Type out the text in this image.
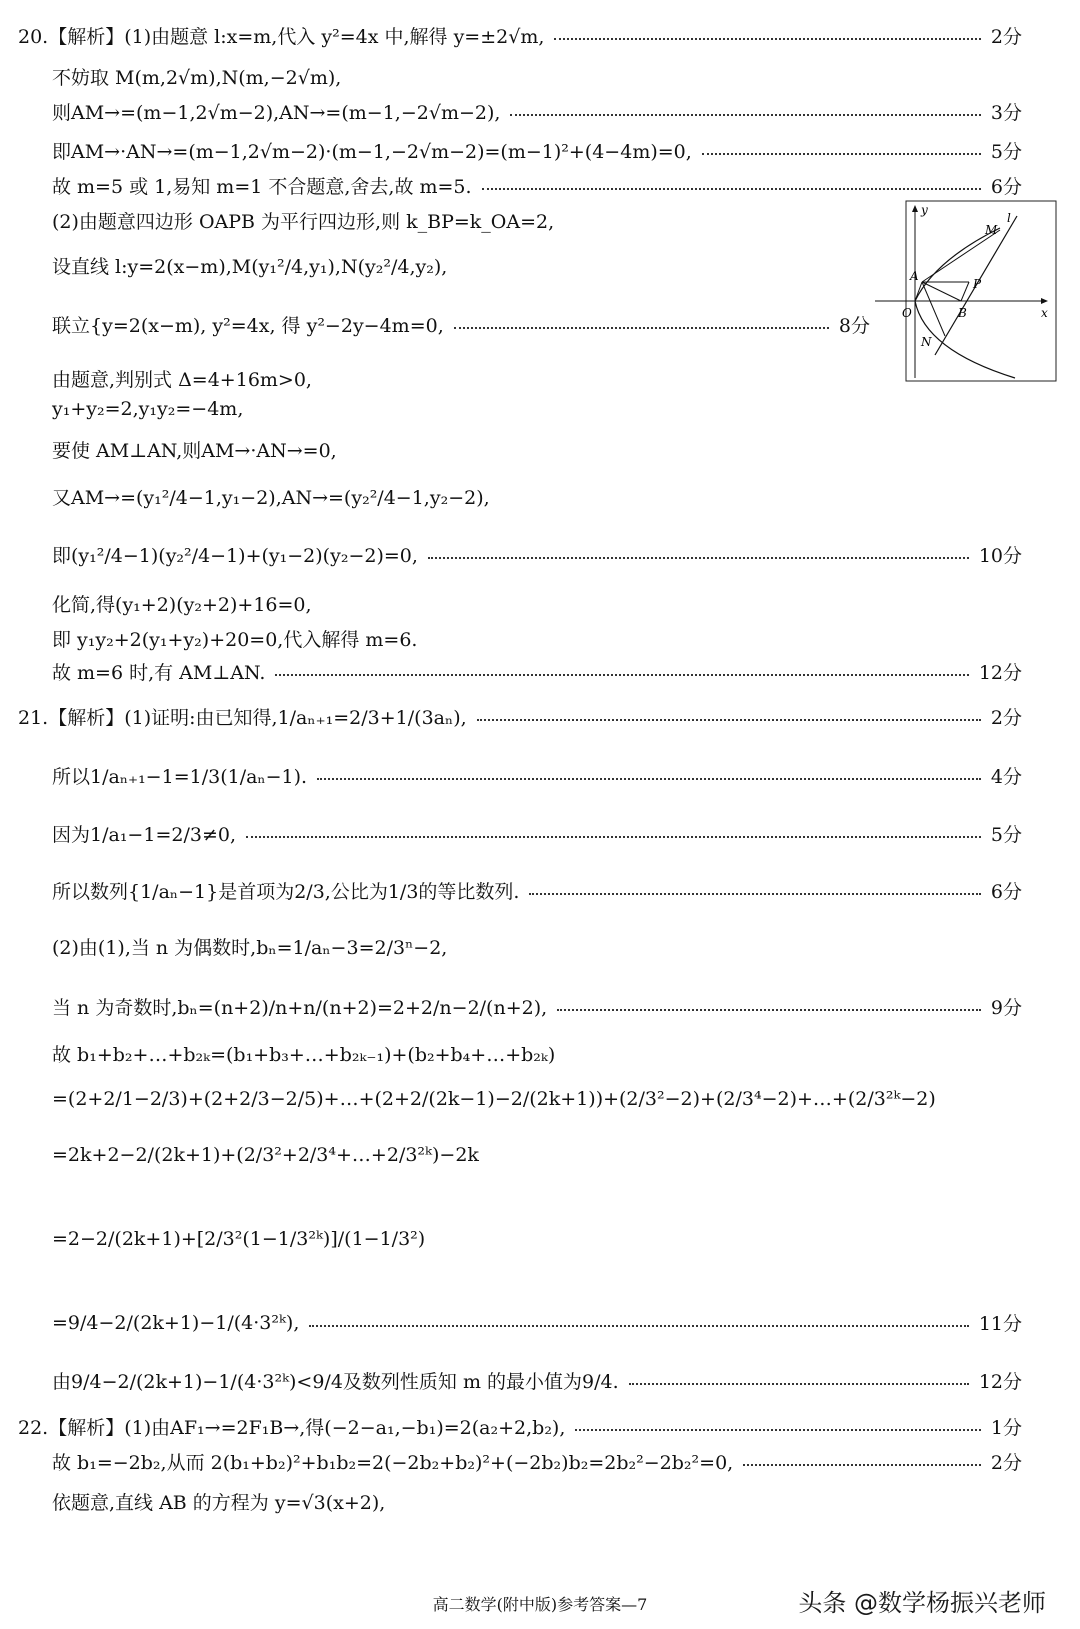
20.【解析】(1)由题意 l:x=m,代入 y²=4x 中,解得 y=±2√m,	2分
不妨取 M(m,2√m),N(m,−2√m),
则AM→=(m−1,2√m−2),AN→=(m−1,−2√m−2),	3分
即AM→·AN→=(m−1,2√m−2)·(m−1,−2√m−2)=(m−1)²+(4−4m)=0,	5分
故 m=5 或 1,易知 m=1 不合题意,舍去,故 m=5.	6分
(2)由题意四边形 OAPB 为平行四边形,则 k_BP=k_OA=2,
设直线 l:y=2(x−m),M(y₁²/4,y₁),N(y₂²/4,y₂),
联立{y=2(x−m), y²=4x, 得 y²−2y−4m=0,	8分
由题意,判别式 Δ=4+16m>0,
y₁+y₂=2,y₁y₂=−4m,
要使 AM⊥AN,则AM→·AN→=0,
又AM→=(y₁²/4−1,y₁−2),AN→=(y₂²/4−1,y₂−2),
即(y₁²/4−1)(y₂²/4−1)+(y₁−2)(y₂−2)=0,	10分
化简,得(y₁+2)(y₂+2)+16=0,
即 y₁y₂+2(y₁+y₂)+20=0,代入解得 m=6.
故 m=6 时,有 AM⊥AN.	12分
21.【解析】(1)证明:由已知得,1/aₙ₊₁=2/3+1/(3aₙ),	2分
所以1/aₙ₊₁−1=1/3(1/aₙ−1).	4分
因为1/a₁−1=2/3≠0,	5分
所以数列{1/aₙ−1}是首项为2/3,公比为1/3的等比数列.	6分
(2)由(1),当 n 为偶数时,bₙ=1/aₙ−3=2/3ⁿ−2,
当 n 为奇数时,bₙ=(n+2)/n+n/(n+2)=2+2/n−2/(n+2),	9分
故 b₁+b₂+…+b₂ₖ=(b₁+b₃+…+b₂ₖ₋₁)+(b₂+b₄+…+b₂ₖ)
=(2+2/1−2/3)+(2+2/3−2/5)+…+(2+2/(2k−1)−2/(2k+1))+(2/3²−2)+(2/3⁴−2)+…+(2/3²ᵏ−2)
=2k+2−2/(2k+1)+(2/3²+2/3⁴+…+2/3²ᵏ)−2k
=2−2/(2k+1)+[2/3²(1−1/3²ᵏ)]/(1−1/3²)
=9/4−2/(2k+1)−1/(4·3²ᵏ),	11分
由9/4−2/(2k+1)−1/(4·3²ᵏ)<9/4及数列性质知 m 的最小值为9/4.	12分
22.【解析】(1)由AF₁→=2F₁B→,得(−2−a₁,−b₁)=2(a₂+2,b₂),	1分
故 b₁=−2b₂,从而 2(b₁+b₂)²+b₁b₂=2(−2b₂+b₂)²+(−2b₂)b₂=2b₂²−2b₂²=0,	2分
依题意,直线 AB 的方程为 y=√3(x+2),
y
x
O
A
B
P
M
N
l
高二数学(附中版)参考答案—7	头条 @数学杨振兴老师
